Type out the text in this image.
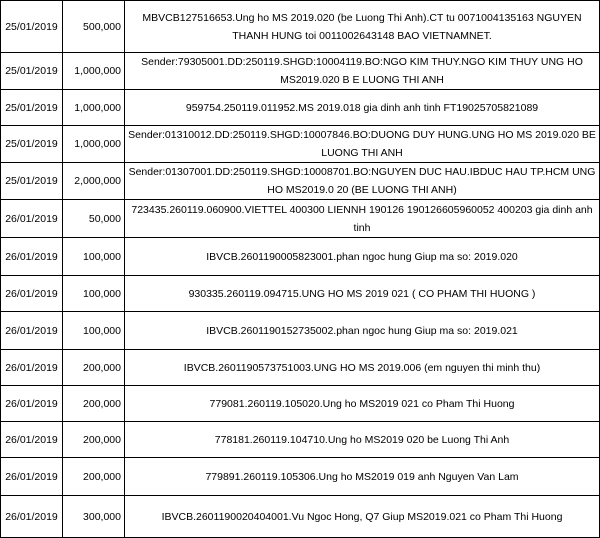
25/01/2019	500,000	MBVCB127516653.Ung ho MS 2019.020 (be Luong Thi Anh).CT tu 0071004135163 NGUYEN THANH HUNG toi 0011002643148 BAO VIETNAMNET.
25/01/2019	1,000,000	Sender:79305001.DD:250119.SHGD:10004119.BO:NGO KIM THUY.NGO KIM THUY UNG HO MS2019.020 B E LUONG THI ANH
25/01/2019	1,000,000	959754.250119.011952.MS 2019.018 gia dinh anh tinh FT19025705821089
25/01/2019	1,000,000	Sender:01310012.DD:250119.SHGD:10007846.BO:DUONG DUY HUNG.UNG HO MS 2019.020 BE LUONG THI ANH
25/01/2019	2,000,000	Sender:01307001.DD:250119.SHGD:10008701.BO:NGUYEN DUC HAU.IBDUC HAU TP.HCM UNG HO MS2019.0 20 (BE LUONG THI ANH)
26/01/2019	50,000	723435.260119.060900.VIETTEL 400300 LIENNH 190126 190126605960052 400203 gia dinh anh tinh
26/01/2019	100,000	IBVCB.2601190005823001.phan ngoc hung Giup ma so: 2019.020
26/01/2019	100,000	930335.260119.094715.UNG HO MS 2019 021 ( CO PHAM THI HUONG )
26/01/2019	100,000	IBVCB.2601190152735002.phan ngoc hung Giup ma so: 2019.021
26/01/2019	200,000	IBVCB.2601190573751003.UNG HO MS 2019.006 (em nguyen thi minh thu)
26/01/2019	200,000	779081.260119.105020.Ung ho MS2019 021 co Pham Thi Huong
26/01/2019	200,000	778181.260119.104710.Ung ho MS2019 020 be Luong Thi Anh
26/01/2019	200,000	779891.260119.105306.Ung ho MS2019 019 anh Nguyen Van Lam
26/01/2019	300,000	IBVCB.2601190020404001.Vu Ngoc Hong, Q7 Giup MS2019.021 co Pham Thi Huong
